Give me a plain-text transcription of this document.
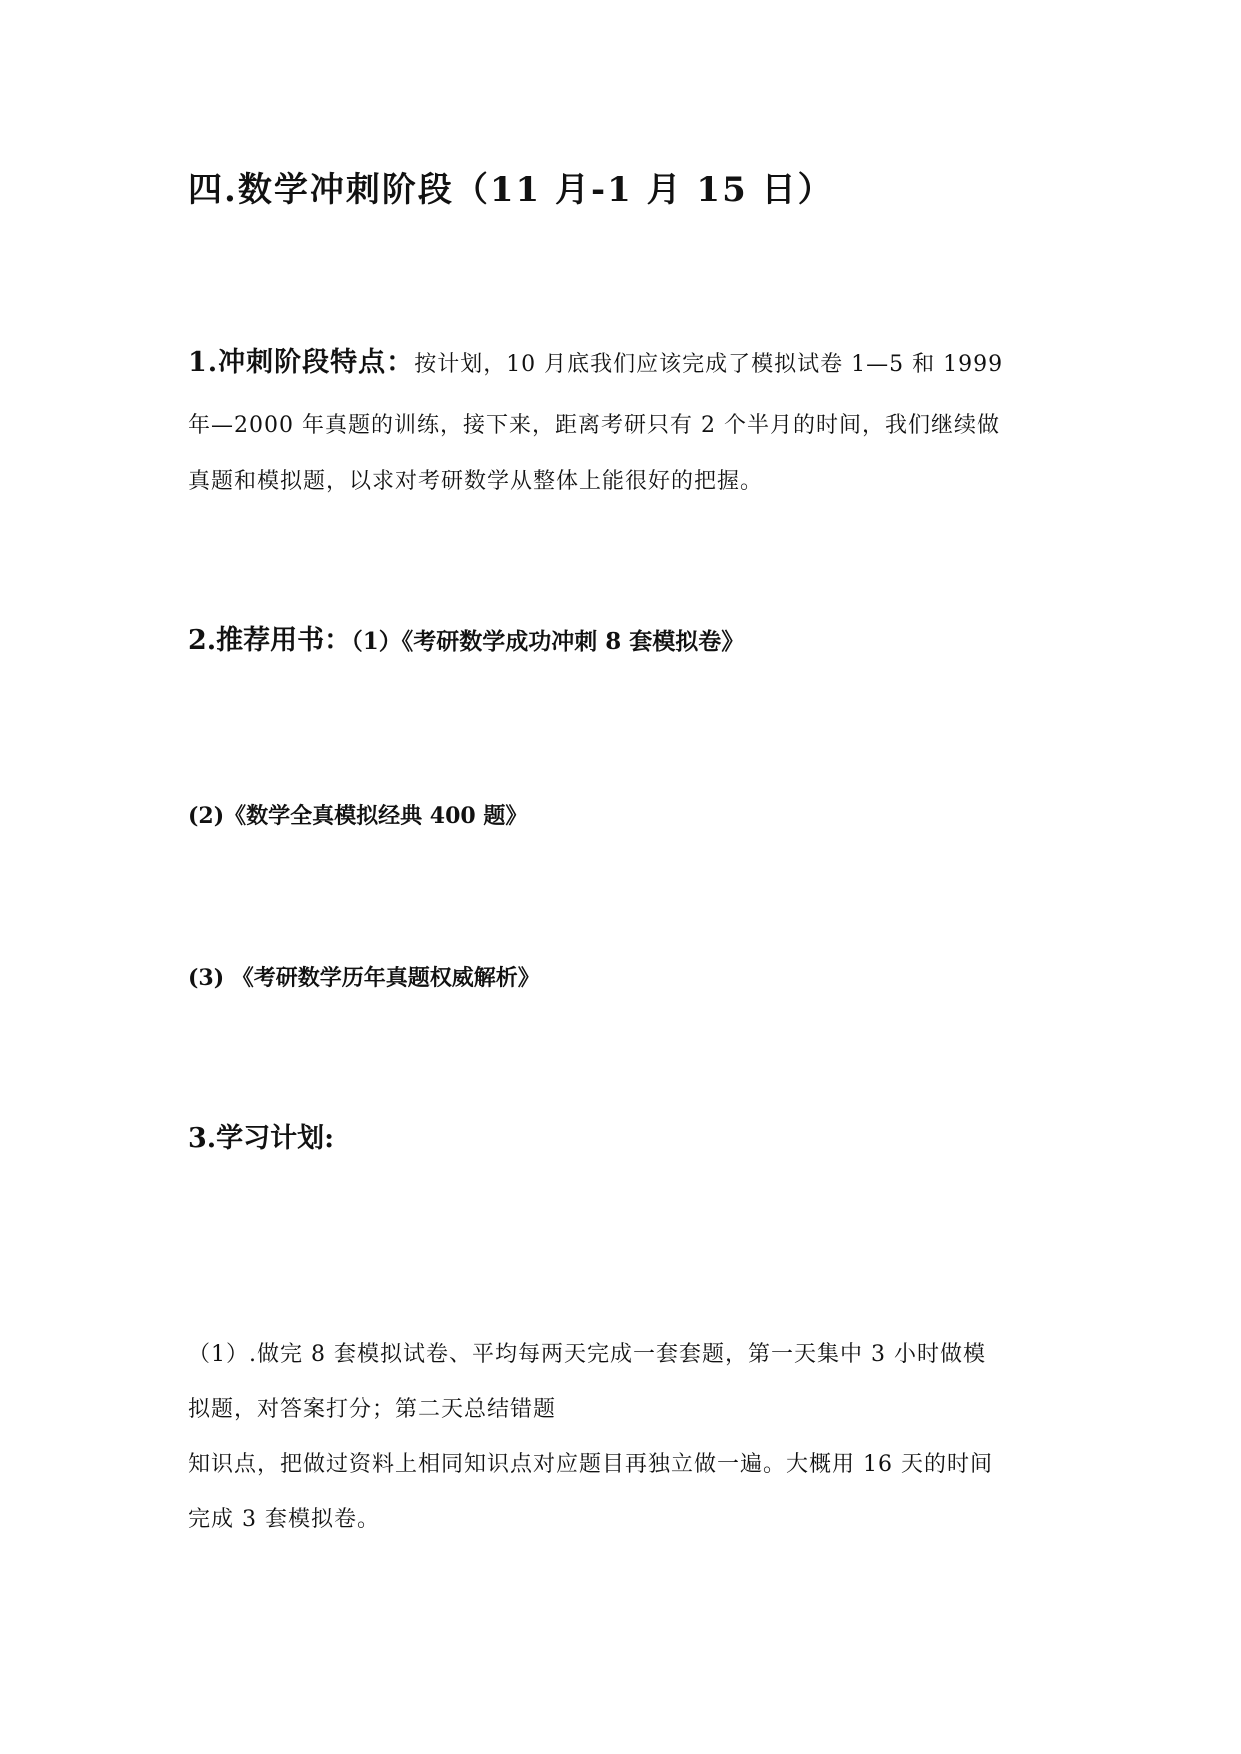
四.数学冲刺阶段（11 月-1 月 15 日）
1.冲刺阶段特点：按计划，10 月底我们应该完成了模拟试卷 1—5 和 1999
年—2000 年真题的训练，接下来，距离考研只有 2 个半月的时间，我们继续做
真题和模拟题，以求对考研数学从整体上能很好的把握。
2.推荐用书：（1）《考研数学成功冲刺 8 套模拟卷》
(2)《数学全真模拟经典 400 题》
(3) 《考研数学历年真题权威解析》
3.学习计划:
（1）.做完 8 套模拟试卷、平均每两天完成一套套题，第一天集中 3 小时做模
拟题，对答案打分；第二天总结错题
知识点，把做过资料上相同知识点对应题目再独立做一遍。大概用 16 天的时间
完成 3 套模拟卷。
